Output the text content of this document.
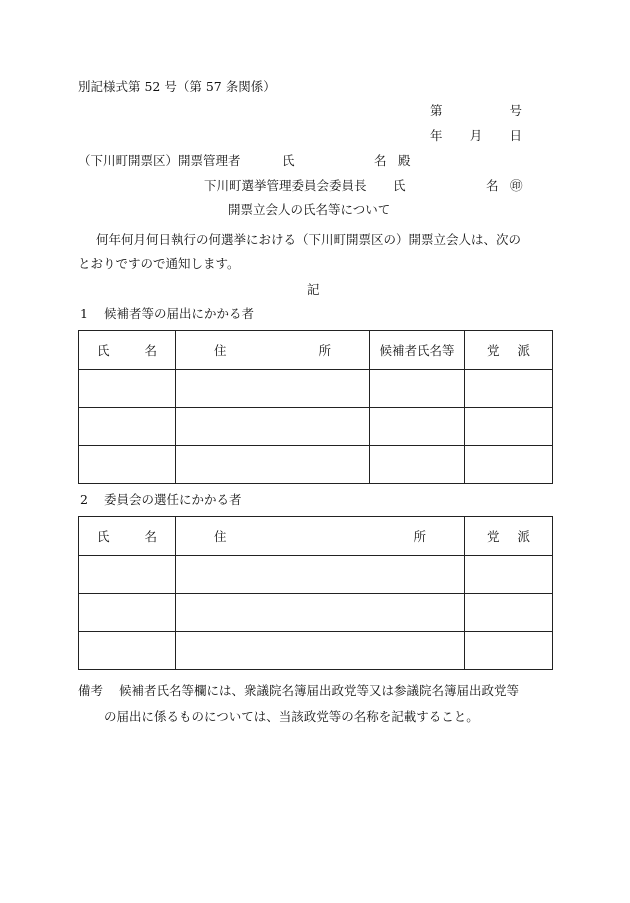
別記様式第 52 号（第 57 条関係）
第	号
年 月 日
（下川町開票区） 開票管理者	氏	名 殿
下川町選挙管理委員会委員長 氏	名 ㊞
開票立会人の氏名等について
何年何月何日執行の何選挙における（下川町開票区の）開票立会人は、次の
とおりですので通知します。
記
1 候補者等の届出にかかる者
氏 名	住 所	候補者氏名等	党 派

2 委員会の選任にかかる者
氏 名	住 所	党 派

備考 候補者氏名等欄には、衆議院名簿届出政党等又は参議院名簿届出政党等
の届出に係るものについては、当該政党等の名称を記載すること。
